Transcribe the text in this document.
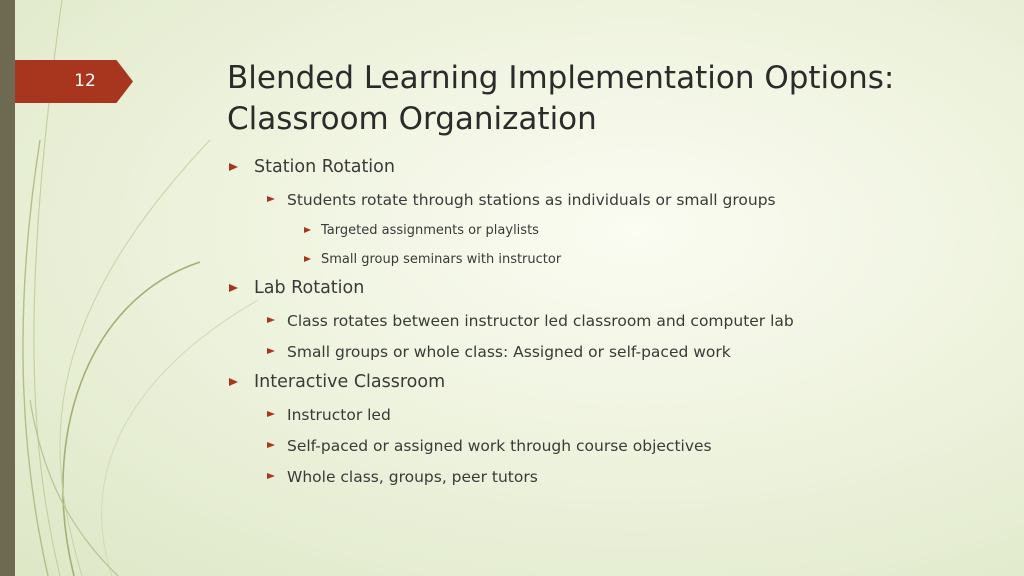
12	Blended Learning Implementation Options:
Classroom Organization
Station Rotation
Students rotate through stations as individuals or small groups
Targeted assignments or playlists
Small group seminars with instructor
Lab Rotation
Class rotates between instructor led classroom and computer lab
Small groups or whole class: Assigned or self-paced work
Interactive Classroom
Instructor led
Self-paced or assigned work through course objectives
Whole class, groups, peer tutors
